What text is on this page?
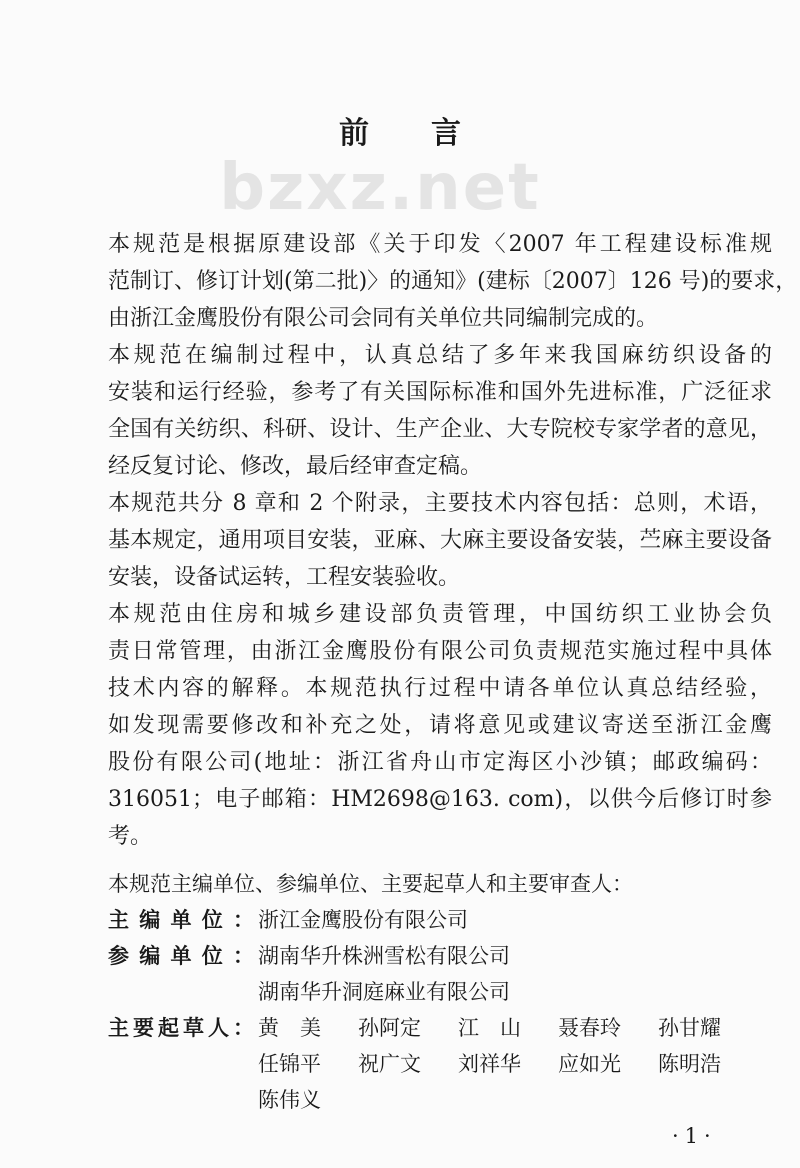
前言
bzxz.net
本规范是根据原建设部《关于印发〈2007 年工程建设标准规
范制订、修订计划(第二批)〉的通知》(建标〔2007〕126 号)的要求，
由浙江金鹰股份有限公司会同有关单位共同编制完成的。
本规范在编制过程中，认真总结了多年来我国麻纺织设备的
安装和运行经验，参考了有关国际标准和国外先进标准，广泛征求
全国有关纺织、科研、设计、生产企业、大专院校专家学者的意见，
经反复讨论、修改，最后经审查定稿。
本规范共分 8 章和 2 个附录，主要技术内容包括：总则，术语，
基本规定，通用项目安装，亚麻、大麻主要设备安装，苎麻主要设备
安装，设备试运转，工程安装验收。
本规范由住房和城乡建设部负责管理，中国纺织工业协会负
责日常管理，由浙江金鹰股份有限公司负责规范实施过程中具体
技术内容的解释。本规范执行过程中请各单位认真总结经验，
如发现需要修改和补充之处，请将意见或建议寄送至浙江金鹰
股份有限公司(地址：浙江省舟山市定海区小沙镇；邮政编码：
316051；电子邮箱：HM2698@163. com)，以供今后修订时参
考。
本规范主编单位、参编单位、主要起草人和主要审查人：
主编单位： 浙江金鹰股份有限公司
参编单位： 湖南华升株洲雪松有限公司
湖南华升洞庭麻业有限公司
主要起草人： 黄　美	孙阿定	江　山	聂春玲	孙甘耀
任锦平	祝广文	刘祥华	应如光	陈明浩
陈伟义
·1·
